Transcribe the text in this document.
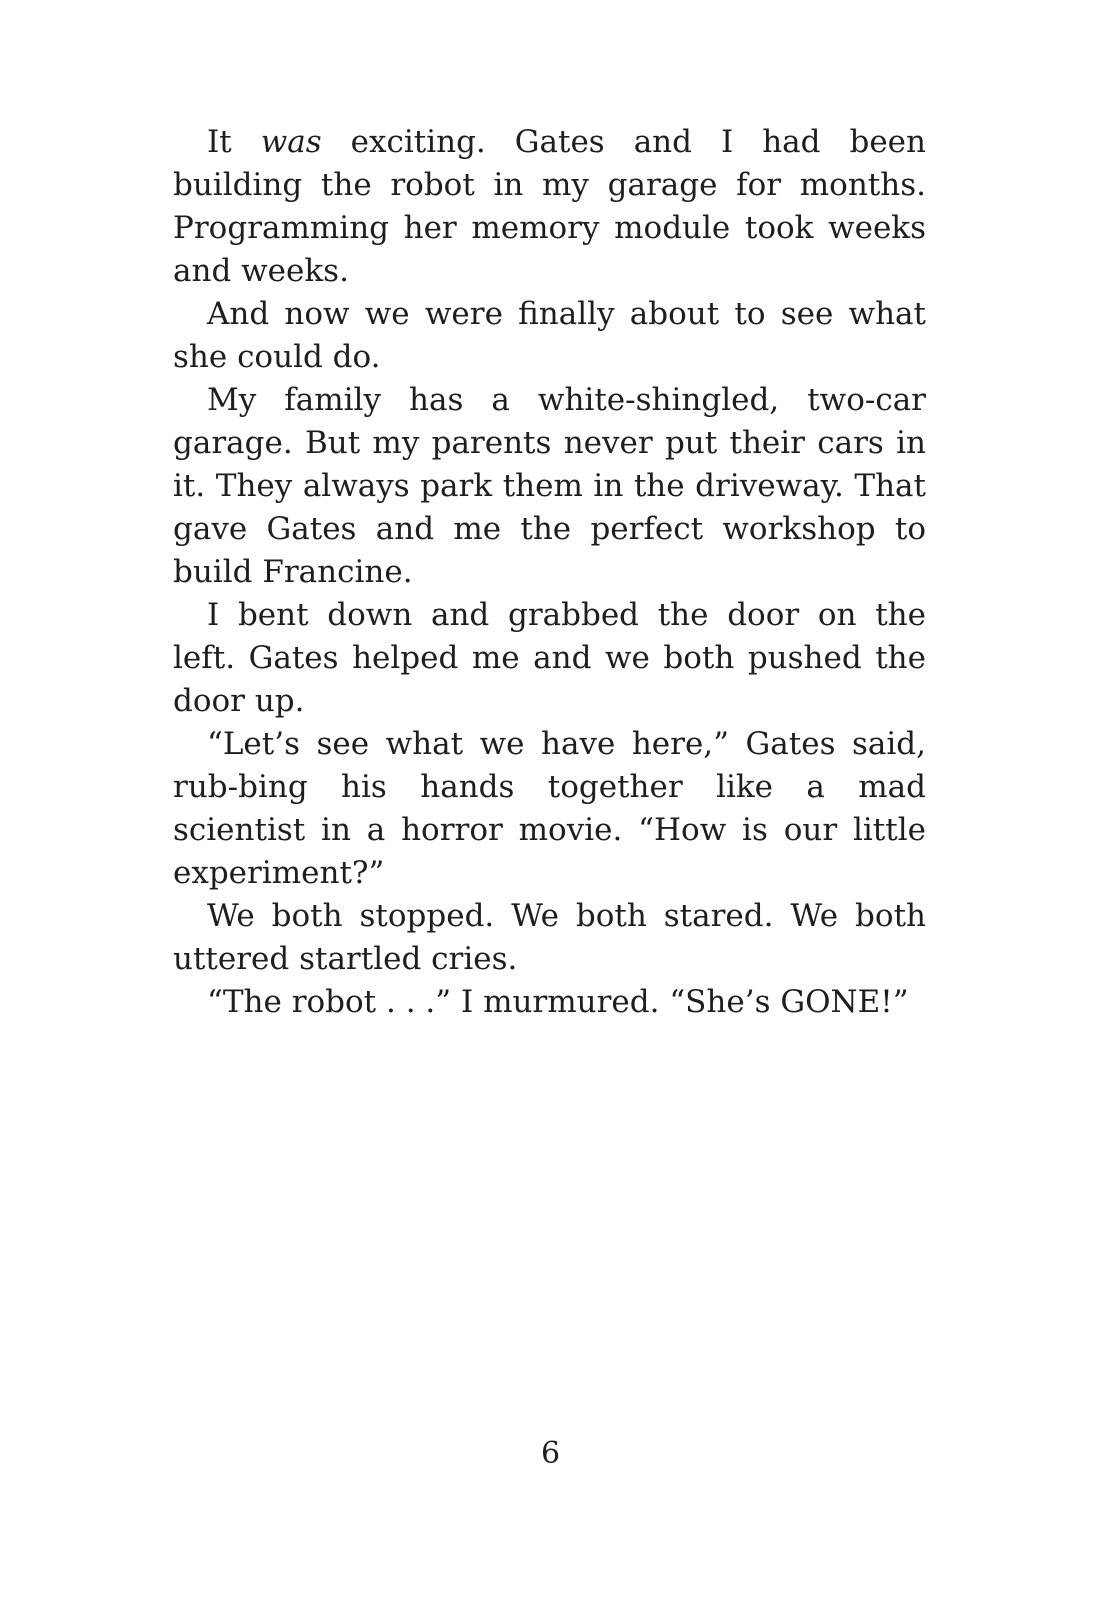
It was exciting. Gates and I had been building the robot in my garage for months. Programming her memory module took weeks and weeks.

And now we were finally about to see what she could do.

My family has a white-shingled, two-car garage. But my parents never put their cars in it. They always park them in the driveway. That gave Gates and me the perfect workshop to build Francine.

I bent down and grabbed the door on the left. Gates helped me and we both pushed the door up.

“Let’s see what we have here,” Gates said, rub-bing his hands together like a mad scientist in a horror movie. “How is our little experiment?”

We both stopped. We both stared. We both uttered startled cries.

“The robot . . .” I murmured. “She’s GONE!”

6
